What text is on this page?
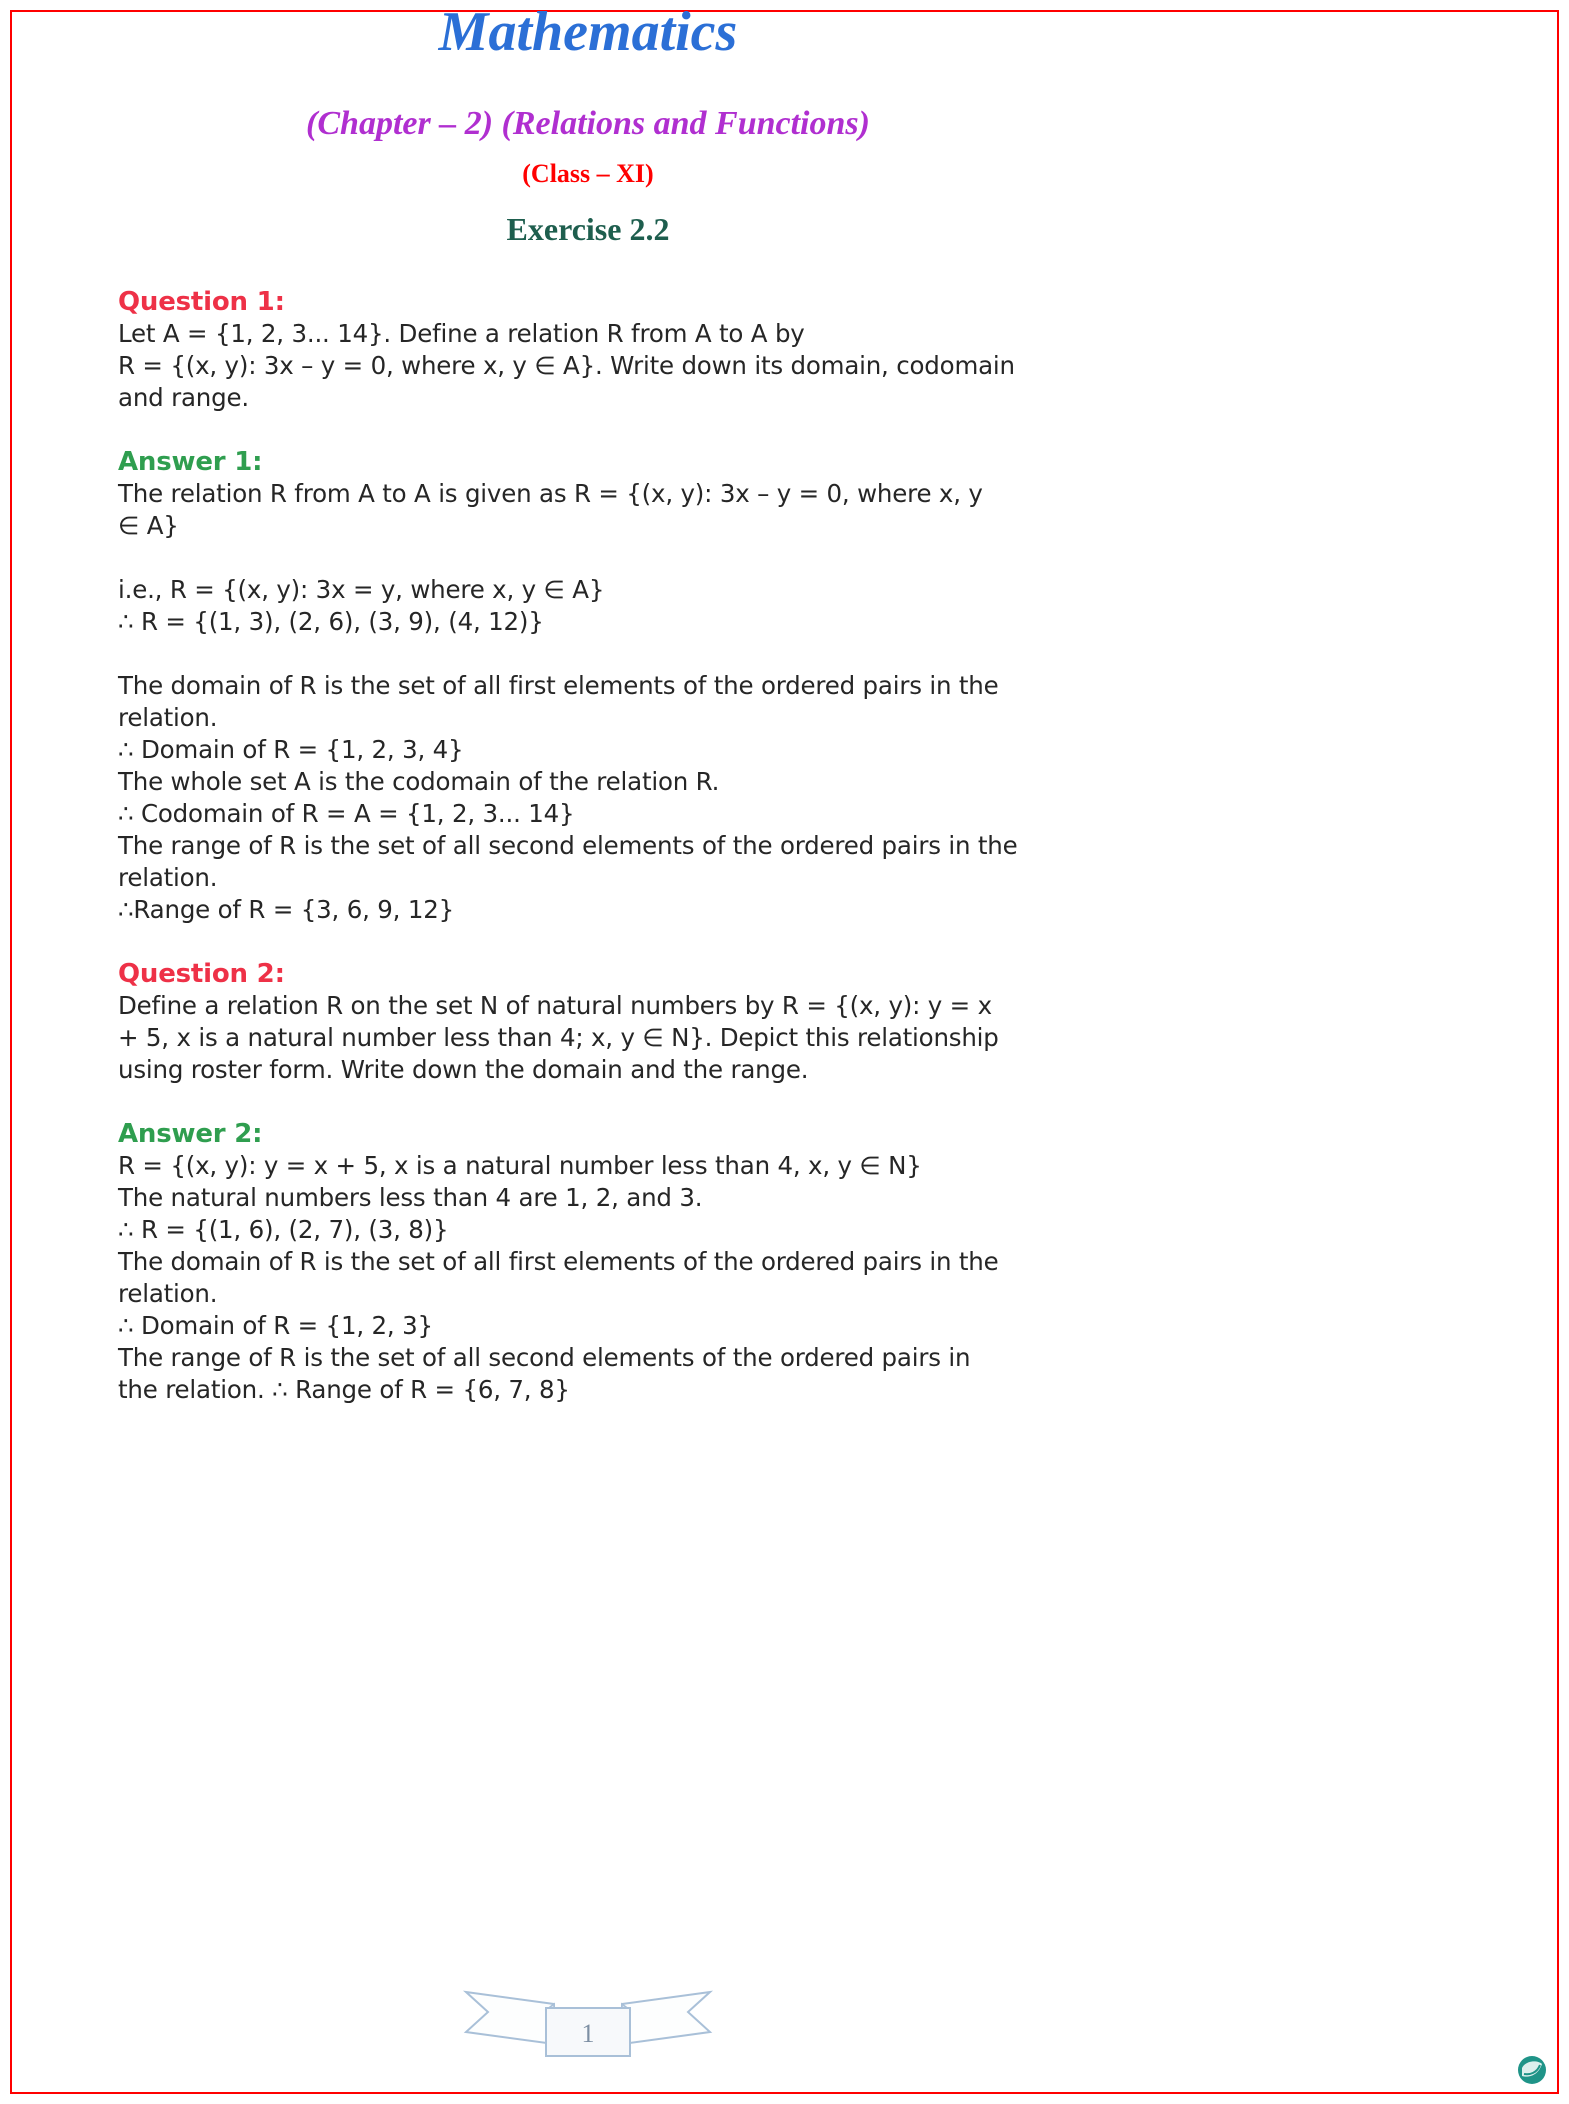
Mathematics
(Chapter – 2) (Relations and Functions)
(Class – XI)
Exercise 2.2
Question 1:
Let A = {1, 2, 3... 14}. Define a relation R from A to A by
R = {(x, y): 3x – y = 0, where x, y ∈ A}. Write down its domain, codomain
and range.
Answer 1:
The relation R from A to A is given as R = {(x, y): 3x – y = 0, where x, y
∈ A}
i.e., R = {(x, y): 3x = y, where x, y ∈ A}
∴ R = {(1, 3), (2, 6), (3, 9), (4, 12)}
The domain of R is the set of all first elements of the ordered pairs in the
relation.
∴ Domain of R = {1, 2, 3, 4}
The whole set A is the codomain of the relation R.
∴ Codomain of R = A = {1, 2, 3... 14}
The range of R is the set of all second elements of the ordered pairs in the
relation.
∴Range of R = {3, 6, 9, 12}
Question 2:
Define a relation R on the set N of natural numbers by R = {(x, y): y = x
+ 5, x is a natural number less than 4; x, y ∈ N}. Depict this relationship
using roster form. Write down the domain and the range.
Answer 2:
R = {(x, y): y = x + 5, x is a natural number less than 4, x, y ∈ N}
The natural numbers less than 4 are 1, 2, and 3.
∴ R = {(1, 6), (2, 7), (3, 8)}
The domain of R is the set of all first elements of the ordered pairs in the
relation.
∴ Domain of R = {1, 2, 3}
The range of R is the set of all second elements of the ordered pairs in
the relation. ∴ Range of R = {6, 7, 8}
1
